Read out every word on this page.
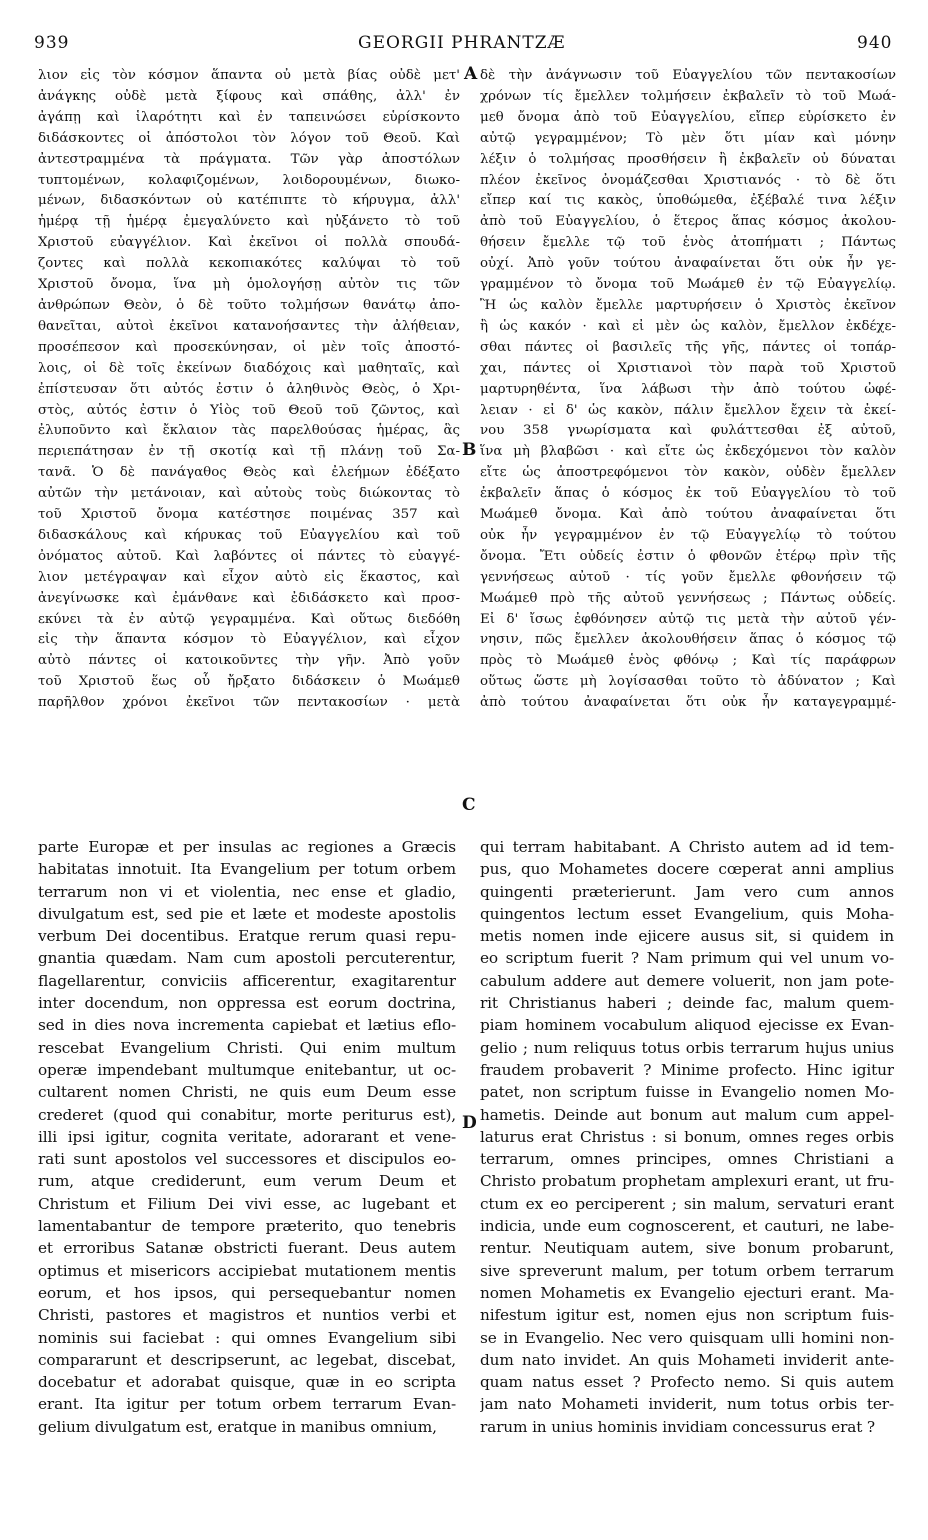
939	GEORGII PHRANTZÆ	940
λιον εἰς τὸν κόσμον ἅπαντα οὐ μετὰ βίας οὐδὲ μετ'
ἀνάγκης οὐδὲ μετὰ ξίφους καὶ σπάθης, ἀλλ' ἐν
ἀγάπῃ καὶ ἱλαρότητι καὶ ἐν ταπεινώσει εὑρίσκοντο
διδάσκοντες οἱ ἀπόστολοι τὸν λόγον τοῦ Θεοῦ. Καὶ
ἀντεστραμμένα τὰ πράγματα. Τῶν γὰρ ἀποστόλων
τυπτομένων, κολαφιζομένων, λοιδορουμένων, διωκο-
μένων, διδασκόντων οὐ κατέπιπτε τὸ κήρυγμα, ἀλλ'
ἡμέρᾳ τῇ ἡμέρᾳ ἐμεγαλύνετο καὶ ηὐξάνετο τὸ τοῦ
Χριστοῦ εὐαγγέλιον. Καὶ ἐκεῖνοι οἱ πολλὰ σπουδά-
ζοντες καὶ πολλὰ κεκοπιακότες καλύψαι τὸ τοῦ
Χριστοῦ ὄνομα, ἵνα μὴ ὁμολογήσῃ αὐτὸν τις τῶν
ἀνθρώπων Θεὸν, ὁ δὲ τοῦτο τολμήσων θανάτῳ ἀπο-
θανεῖται, αὐτοὶ ἐκεῖνοι κατανοήσαντες τὴν ἀλήθειαν,
προσέπεσον καὶ προσεκύνησαν, οἱ μὲν τοῖς ἀποστό-
λοις, οἱ δὲ τοῖς ἐκείνων διαδόχοις καὶ μαθηταῖς, καὶ
ἐπίστευσαν ὅτι αὐτός ἐστιν ὁ ἀληθινὸς Θεὸς, ὁ Χρι-
στὸς, αὐτός ἐστιν ὁ Υἱὸς τοῦ Θεοῦ τοῦ ζῶντος, καὶ
ἐλυποῦντο καὶ ἔκλαιον τὰς παρελθούσας ἡμέρας, ἃς
περιεπάτησαν ἐν τῇ σκοτίᾳ καὶ τῇ πλάνῃ τοῦ Σα-
τανᾶ. Ὁ δὲ πανάγαθος Θεὸς καὶ ἐλεήμων ἐδέξατο
αὐτῶν τὴν μετάνοιαν, καὶ αὐτοὺς τοὺς διώκοντας τὸ
τοῦ Χριστοῦ ὄνομα κατέστησε ποιμένας 357 καὶ
διδασκάλους καὶ κήρυκας τοῦ Εὐαγγελίου καὶ τοῦ
ὀνόματος αὐτοῦ. Καὶ λαβόντες οἱ πάντες τὸ εὐαγγέ-
λιον μετέγραψαν καὶ εἶχον αὐτὸ εἰς ἕκαστος, καὶ
ἀνεγίνωσκε καὶ ἐμάνθανε καὶ ἐδιδάσκετο καὶ προσ-
εκύνει τὰ ἐν αὐτῷ γεγραμμένα. Καὶ οὕτως διεδόθη
εἰς τὴν ἅπαντα κόσμον τὸ Εὐαγγέλιον, καὶ εἶχον
αὐτὸ πάντες οἱ κατοικοῦντες τὴν γῆν. Ἀπὸ γοῦν
τοῦ Χριστοῦ ἕως οὗ ἤρξατο διδάσκειν ὁ Μωάμεθ
παρῆλθον χρόνοι ἐκεῖνοι τῶν πεντακοσίων · μετὰ
δὲ τὴν ἀνάγνωσιν τοῦ Εὐαγγελίου τῶν πεντακοσίων
χρόνων τίς ἔμελλεν τολμήσειν ἐκβαλεῖν τὸ τοῦ Μωά-
μεθ ὄνομα ἀπὸ τοῦ Εὐαγγελίου, εἴπερ εὑρίσκετο ἐν
αὐτῷ γεγραμμένον; Τὸ μὲν ὅτι μίαν καὶ μόνην
λέξιν ὁ τολμήσας προσθήσειν ἢ ἐκβαλεῖν οὐ δύναται
πλέον ἐκεῖνος ὀνομάζεσθαι Χριστιανός · τὸ δὲ ὅτι
εἴπερ καί τις κακὸς, ὑποθώμεθα, ἐξέβαλέ τινα λέξιν
ἀπὸ τοῦ Εὐαγγελίου, ὁ ἕτερος ἅπας κόσμος ἀκολου-
θήσειν ἔμελλε τῷ τοῦ ἑνὸς ἀτοπήματι ; Πάντως
οὐχί. Ἀπὸ γοῦν τούτου ἀναφαίνεται ὅτι οὐκ ἦν γε-
γραμμένον τὸ ὄνομα τοῦ Μωάμεθ ἐν τῷ Εὐαγγελίῳ.
Ἢ ὡς καλὸν ἔμελλε μαρτυρήσειν ὁ Χριστὸς ἐκεῖνον
ἢ ὡς κακόν · καὶ εἰ μὲν ὡς καλὸν, ἔμελλον ἐκδέχε-
σθαι πάντες οἱ βασιλεῖς τῆς γῆς, πάντες οἱ τοπάρ-
χαι, πάντες οἱ Χριστιανοὶ τὸν παρὰ τοῦ Χριστοῦ
μαρτυρηθέντα, ἵνα λάβωσι τὴν ἀπὸ τούτου ὠφέ-
λειαν · εἰ δ' ὡς κακὸν, πάλιν ἔμελλον ἔχειν τὰ ἐκεί-
νου 358 γνωρίσματα καὶ φυλάττεσθαι ἐξ αὐτοῦ,
ἵνα μὴ βλαβῶσι · καὶ εἴτε ὡς ἐκδεχόμενοι τὸν καλὸν
εἴτε ὡς ἀποστρεφόμενοι τὸν κακὸν, οὐδὲν ἔμελλεν
ἐκβαλεῖν ἅπας ὁ κόσμος ἐκ τοῦ Εὐαγγελίου τὸ τοῦ
Μωάμεθ ὄνομα. Καὶ ἀπὸ τούτου ἀναφαίνεται ὅτι
οὐκ ἦν γεγραμμένον ἐν τῷ Εὐαγγελίῳ τὸ τούτου
ὄνομα. Ἔτι οὐδείς ἐστιν ὁ φθονῶν ἑτέρῳ πρὶν τῆς
γεννήσεως αὐτοῦ · τίς γοῦν ἔμελλε φθονήσειν τῷ
Μωάμεθ πρὸ τῆς αὐτοῦ γεννήσεως ; Πάντως οὐδείς.
Εἰ δ' ἴσως ἐφθόνησεν αὐτῷ τις μετὰ τὴν αὐτοῦ γέν-
νησιν, πῶς ἔμελλεν ἀκολουθήσειν ἅπας ὁ κόσμος τῷ
πρὸς τὸ Μωάμεθ ἑνὸς φθόνῳ ; Καὶ τίς παράφρων
οὕτως ὥστε μὴ λογίσασθαι τοῦτο τὸ ἀδύνατον ; Καὶ
ἀπὸ τούτου ἀναφαίνεται ὅτι οὐκ ἦν καταγεγραμμέ-
A
B
C
D
parte Europæ et per insulas ac regiones a Græcis
habitatas innotuit. Ita Evangelium per totum orbem
terrarum non vi et violentia, nec ense et gladio,
divulgatum est, sed pie et læte et modeste apostolis
verbum Dei docentibus. Eratque rerum quasi repu-
gnantia quædam. Nam cum apostoli percuterentur,
flagellarentur, conviciis afficerentur, exagitarentur
inter docendum, non oppressa est eorum doctrina,
sed in dies nova incrementa capiebat et lætius eflo-
rescebat Evangelium Christi. Qui enim multum
operæ impendebant multumque enitebantur, ut oc-
cultarent nomen Christi, ne quis eum Deum esse
crederet (quod qui conabitur, morte periturus est),
illi ipsi igitur, cognita veritate, adorarant et vene-
rati sunt apostolos vel successores et discipulos eo-
rum, atque crediderunt, eum verum Deum et
Christum et Filium Dei vivi esse, ac lugebant et
lamentabantur de tempore præterito, quo tenebris
et erroribus Satanæ obstricti fuerant. Deus autem
optimus et misericors accipiebat mutationem mentis
eorum, et hos ipsos, qui persequebantur nomen
Christi, pastores et magistros et nuntios verbi et
nominis sui faciebat : qui omnes Evangelium sibi
compararunt et descripserunt, ac legebat, discebat,
docebatur et adorabat quisque, quæ in eo scripta
erant. Ita igitur per totum orbem terrarum Evan-
gelium divulgatum est, eratque in manibus omnium,
qui terram habitabant. A Christo autem ad id tem-
pus, quo Mohametes docere cœperat anni amplius
quingenti præterierunt. Jam vero cum annos
quingentos lectum esset Evangelium, quis Moha-
metis nomen inde ejicere ausus sit, si quidem in
eo scriptum fuerit ? Nam primum qui vel unum vo-
cabulum addere aut demere voluerit, non jam pote-
rit Christianus haberi ; deinde fac, malum quem-
piam hominem vocabulum aliquod ejecisse ex Evan-
gelio ; num reliquus totus orbis terrarum hujus unius
fraudem probaverit ? Minime profecto. Hinc igitur
patet, non scriptum fuisse in Evangelio nomen Mo-
hametis. Deinde aut bonum aut malum cum appel-
laturus erat Christus : si bonum, omnes reges orbis
terrarum, omnes principes, omnes Christiani a
Christo probatum prophetam amplexuri erant, ut fru-
ctum ex eo perciperent ; sin malum, servaturi erant
indicia, unde eum cognoscerent, et cauturi, ne labe-
rentur. Neutiquam autem, sive bonum probarunt,
sive spreverunt malum, per totum orbem terrarum
nomen Mohametis ex Evangelio ejecturi erant. Ma-
nifestum igitur est, nomen ejus non scriptum fuis-
se in Evangelio. Nec vero quisquam ulli homini non-
dum nato invidet. An quis Mohameti inviderit ante-
quam natus esset ? Profecto nemo. Si quis autem
jam nato Mohameti inviderit, num totus orbis ter-
rarum in unius hominis invidiam concessurus erat ?
